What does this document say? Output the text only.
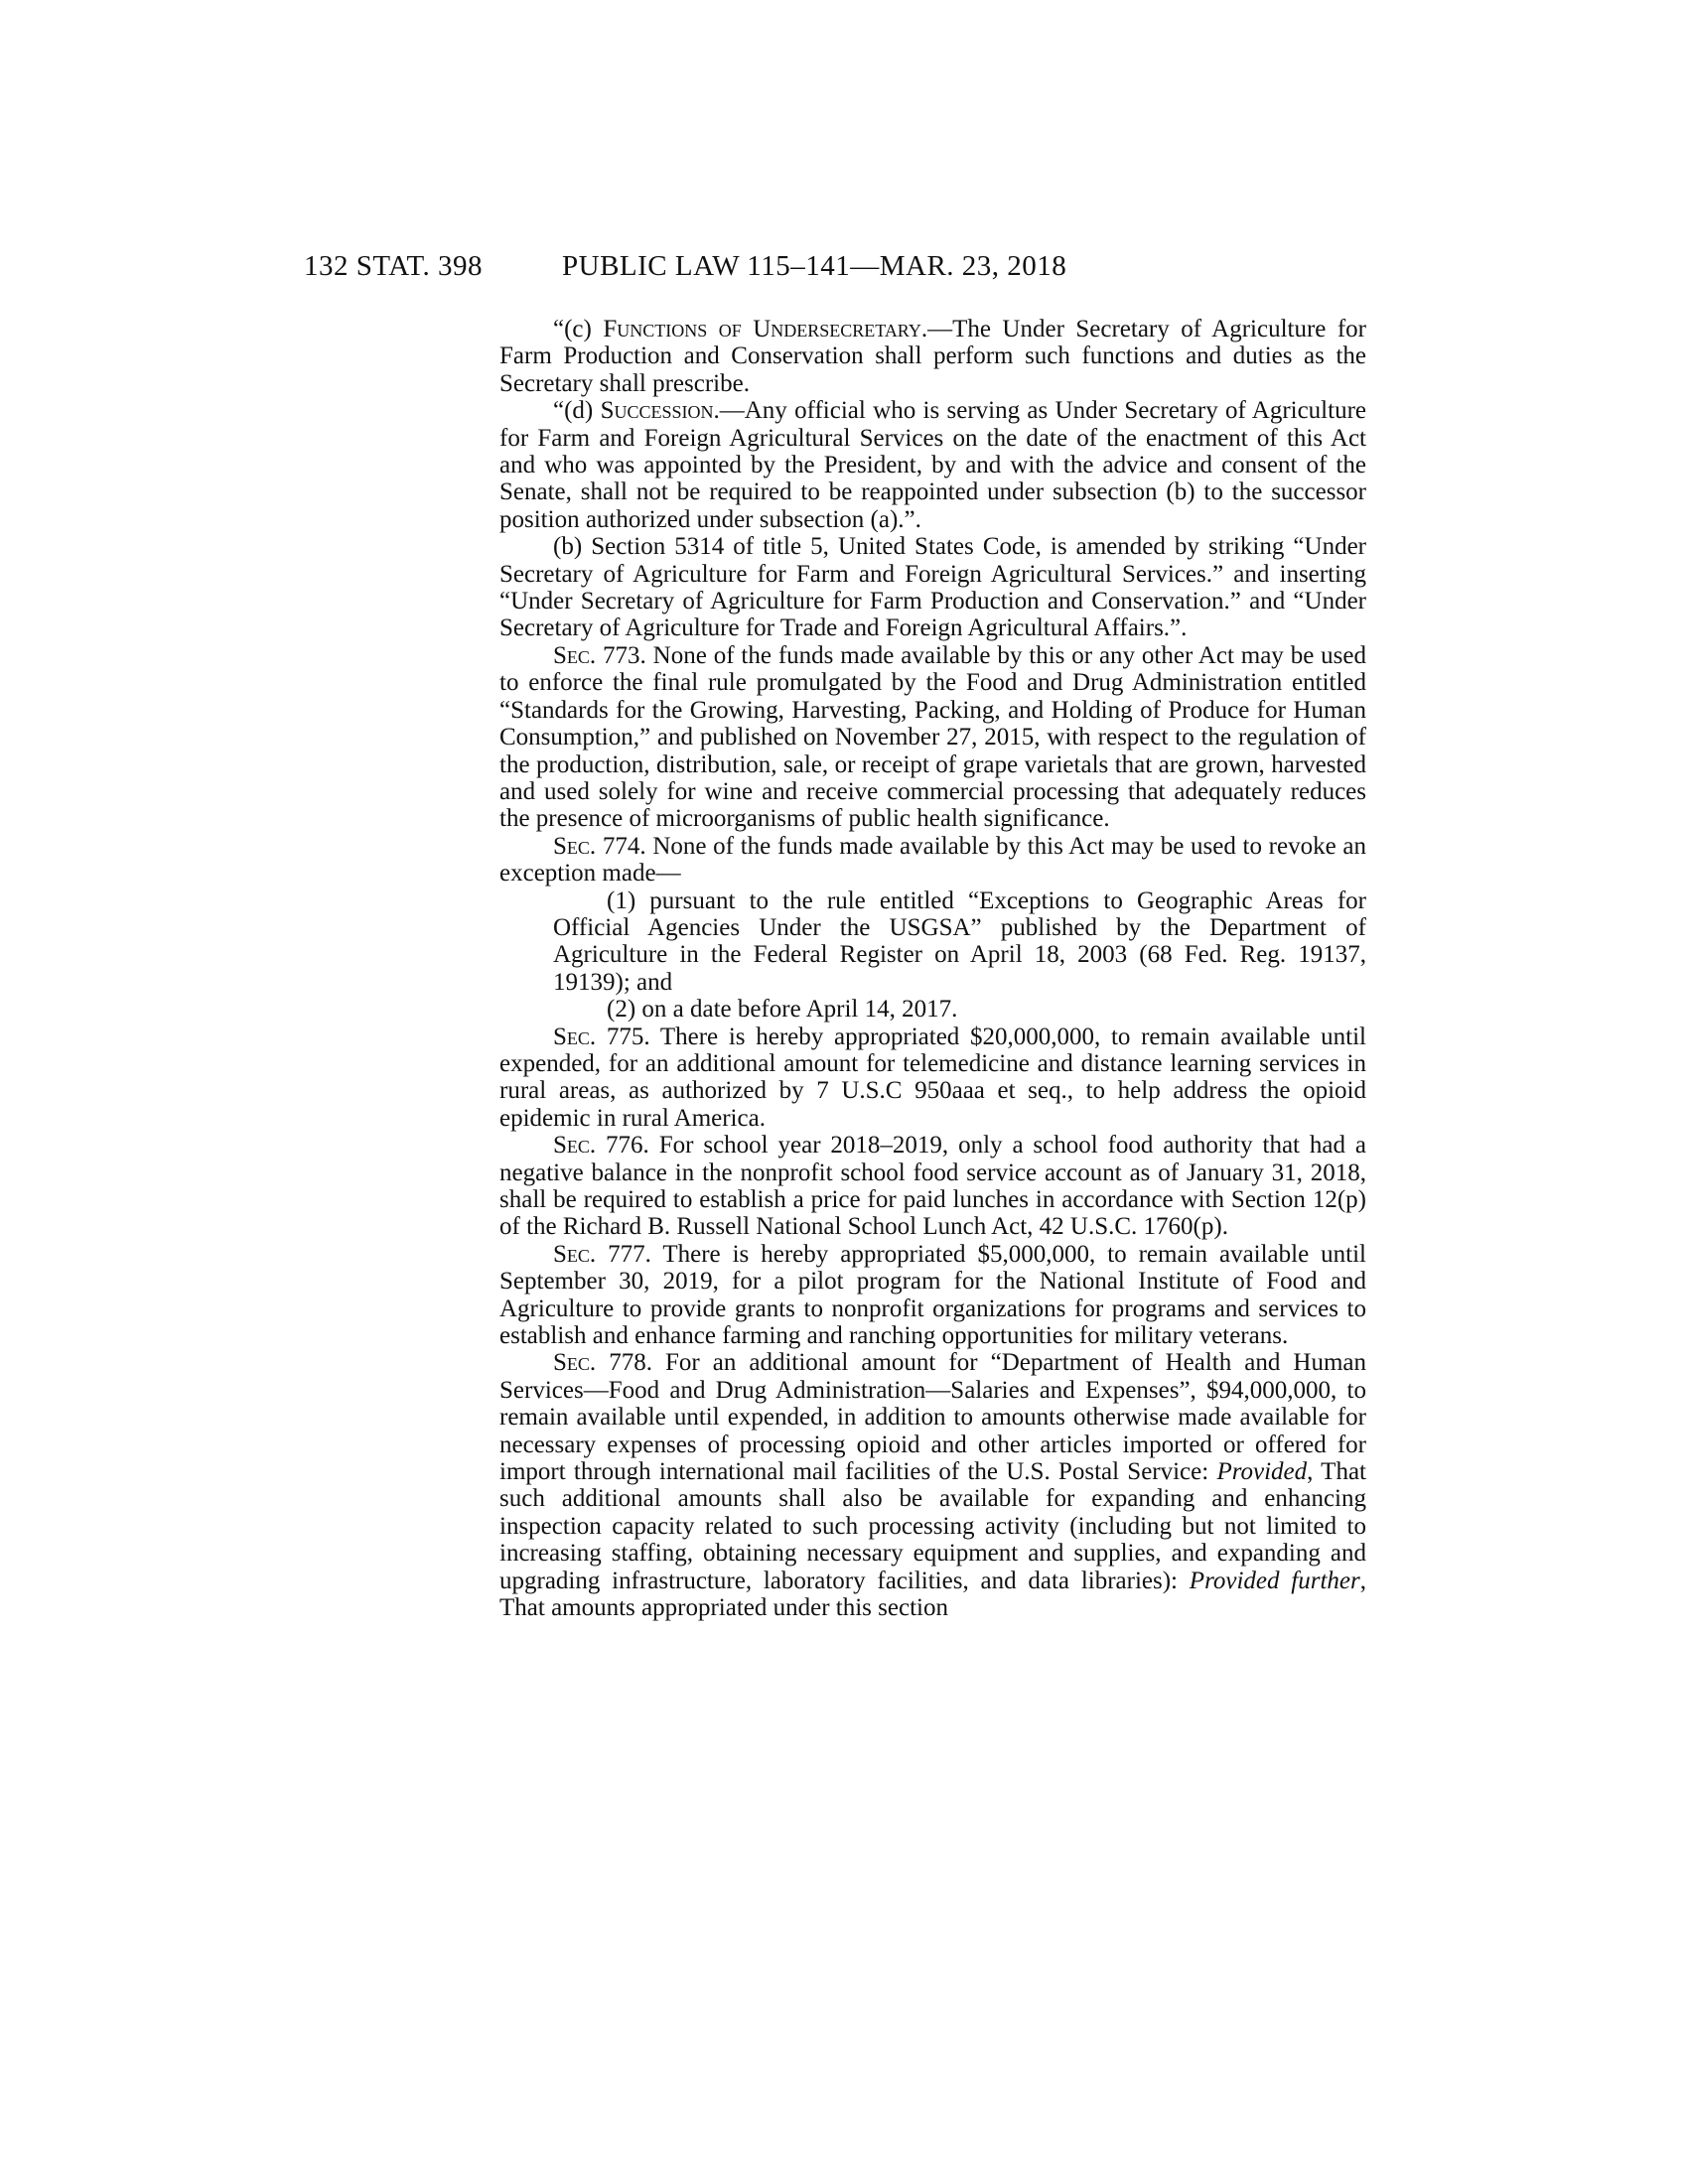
132 STAT. 398	PUBLIC LAW 115–141—MAR. 23, 2018

“(c) Functions of Undersecretary.—The Under Secretary of Agriculture for Farm Production and Conservation shall perform such functions and duties as the Secretary shall prescribe.

“(d) Succession.—Any official who is serving as Under Secretary of Agriculture for Farm and Foreign Agricultural Services on the date of the enactment of this Act and who was appointed by the President, by and with the advice and consent of the Senate, shall not be required to be reappointed under subsection (b) to the successor position authorized under subsection (a).”.

(b) Section 5314 of title 5, United States Code, is amended by striking “Under Secretary of Agriculture for Farm and Foreign Agricultural Services.” and inserting “Under Secretary of Agriculture for Farm Production and Conservation.” and “Under Secretary of Agriculture for Trade and Foreign Agricultural Affairs.”.

Sec. 773. None of the funds made available by this or any other Act may be used to enforce the final rule promulgated by the Food and Drug Administration entitled “Standards for the Growing, Harvesting, Packing, and Holding of Produce for Human Consumption,” and published on November 27, 2015, with respect to the regulation of the production, distribution, sale, or receipt of grape varietals that are grown, harvested and used solely for wine and receive commercial processing that adequately reduces the presence of microorganisms of public health significance.

Sec. 774. None of the funds made available by this Act may be used to revoke an exception made—

(1) pursuant to the rule entitled “Exceptions to Geographic Areas for Official Agencies Under the USGSA” published by the Department of Agriculture in the Federal Register on April 18, 2003 (68 Fed. Reg. 19137, 19139); and

(2) on a date before April 14, 2017.

Sec. 775. There is hereby appropriated $20,000,000, to remain available until expended, for an additional amount for telemedicine and distance learning services in rural areas, as authorized by 7 U.S.C 950aaa et seq., to help address the opioid epidemic in rural America.

Sec. 776. For school year 2018–2019, only a school food authority that had a negative balance in the nonprofit school food service account as of January 31, 2018, shall be required to establish a price for paid lunches in accordance with Section 12(p) of the Richard B. Russell National School Lunch Act, 42 U.S.C. 1760(p).

Sec. 777. There is hereby appropriated $5,000,000, to remain available until September 30, 2019, for a pilot program for the National Institute of Food and Agriculture to provide grants to nonprofit organizations for programs and services to establish and enhance farming and ranching opportunities for military veterans.

Sec. 778. For an additional amount for “Department of Health and Human Services—Food and Drug Administration—Salaries and Expenses”, $94,000,000, to remain available until expended, in addition to amounts otherwise made available for necessary expenses of processing opioid and other articles imported or offered for import through international mail facilities of the U.S. Postal Service: Provided, That such additional amounts shall also be available for expanding and enhancing inspection capacity related to such processing activity (including but not limited to increasing staffing, obtaining necessary equipment and supplies, and expanding and upgrading infrastructure, laboratory facilities, and data libraries): Provided further, That amounts appropriated under this section
